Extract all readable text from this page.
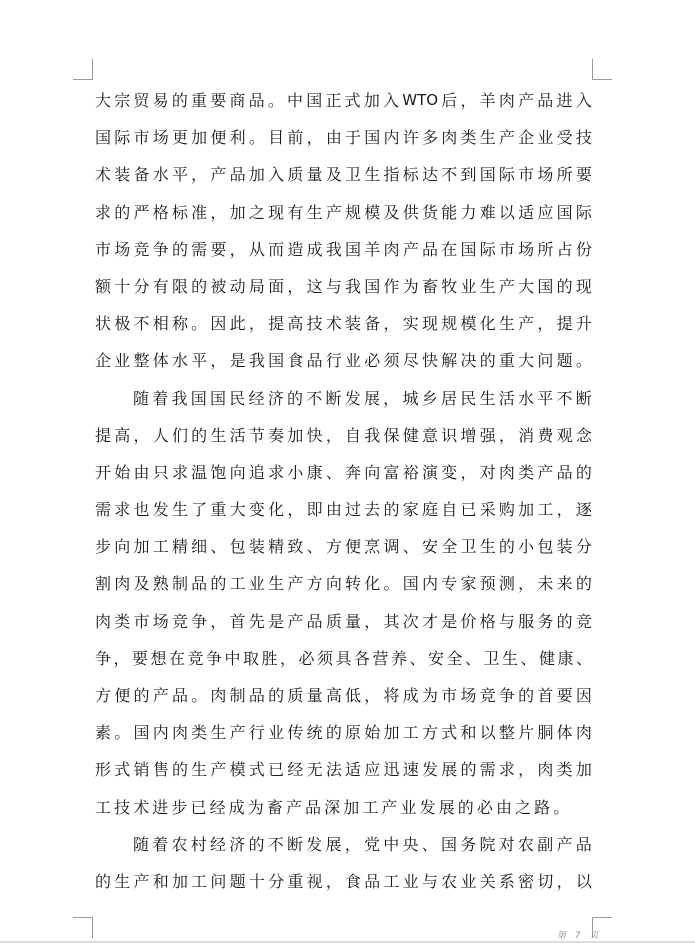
大 宗 贸 易 的 重 要 商 品 。 中 国 正 式 加 入 WTO 后 ， 羊 肉 产 品 进 入
国 际 市 场 更 加 便 利 。 目 前 ， 由 于 国 内 许 多 肉 类 生 产 企 业 受 技
术 装 备 水 平 ， 产 品 加 入 质 量 及 卫 生 指 标 达 不 到 国 际 市 场 所 要
求 的 严 格 标 准 ， 加 之 现 有 生 产 规 模 及 供 货 能 力 难 以 适 应 国 际
市 场 竞 争 的 需 要 ， 从 而 造 成 我 国 羊 肉 产 品 在 国 际 市 场 所 占 份
额 十 分 有 限 的 被 动 局 面 ， 这 与 我 国 作 为 畜 牧 业 生 产 大 国 的 现
状 极 不 相 称 。 因 此 ， 提 高 技 术 装 备 ， 实 现 规 模 化 生 产 ， 提 升
企 业 整 体 水 平 ， 是 我 国 食 品 行 业 必 须 尽 快 解 决 的 重 大 问 题 。
随 着 我 国 国 民 经 济 的 不 断 发 展 ， 城 乡 居 民 生 活 水 平 不 断
提 高 ， 人 们 的 生 活 节 奏 加 快 ， 自 我 保 健 意 识 增 强 ， 消 费 观 念
开 始 由 只 求 温 饱 向 追 求 小 康 、 奔 向 富 裕 演 变 ， 对 肉 类 产 品 的
需 求 也 发 生 了 重 大 变 化 ， 即 由 过 去 的 家 庭 自 已 采 购 加 工 ， 逐
步 向 加 工 精 细 、 包 装 精 致 、 方 便 烹 调 、 安 全 卫 生 的 小 包 装 分
割 肉 及 熟 制 品 的 工 业 生 产 方 向 转 化 。 国 内 专 家 预 测 ， 未 来 的
肉 类 市 场 竞 争 ， 首 先 是 产 品 质 量 ， 其 次 才 是 价 格 与 服 务 的 竞
争 ， 要 想 在 竞 争 中 取 胜 ， 必 须 具 各 营 养 、 安 全 、 卫 生 、 健 康 、
方 便 的 产 品 。 肉 制 品 的 质 量 高 低 ， 将 成 为 市 场 竞 争 的 首 要 因
素 。 国 内 肉 类 生 产 行 业 传 统 的 原 始 加 工 方 式 和 以 整 片 胴 体 肉
形 式 销 售 的 生 产 模 式 已 经 无 法 适 应 迅 速 发 展 的 需 求 ， 肉 类 加
工 技 术 进 步 已 经 成 为 畜 产 品 深 加 工 产 业 发 展 的 必 由 之 路 。
随 着 农 村 经 济 的 不 断 发 展 ， 党 中 央 、 国 务 院 对 农 副 产 品
的 生 产 和 加 工 问 题 十 分 重 视 ， 食 品 工 业 与 农 业 关 系 密 切 ， 以
第 7 页
